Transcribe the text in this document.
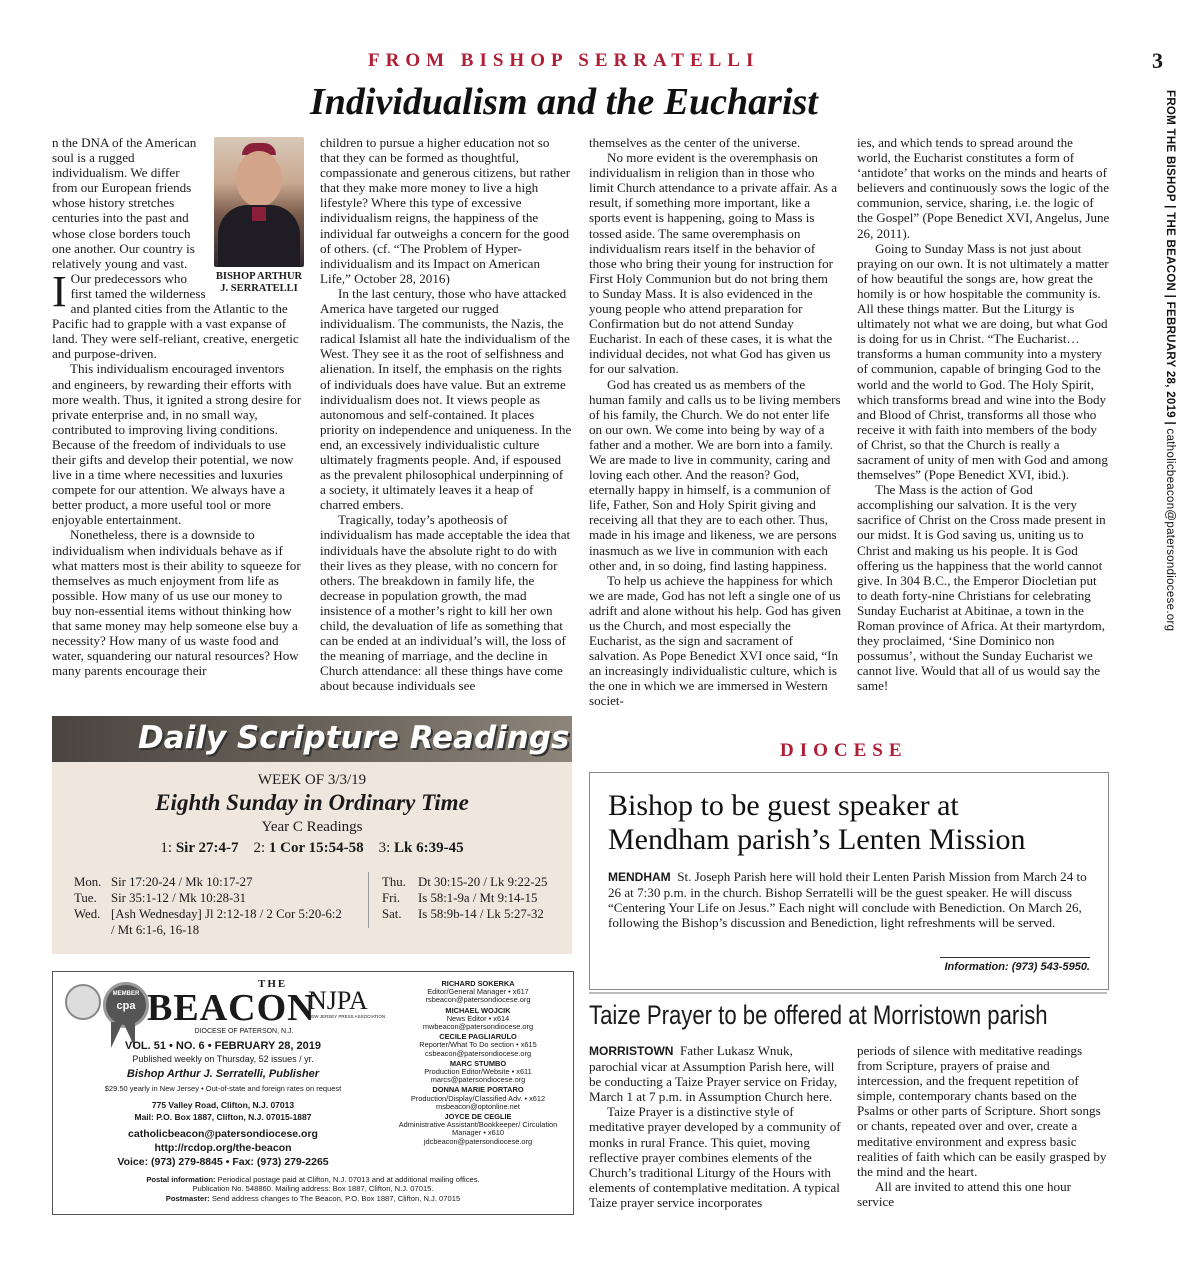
3
FROM THE BISHOP | THE BEACON | FEBRUARY 28, 2019 | catholicbeacon@patersondiocese.org
FROM BISHOP SERRATELLI
Individualism and the Eucharist
BISHOP ARTHUR
J. SERRATELLI

I
n the DNA of the American soul is a rugged individualism. We differ from our European friends whose history stretches centuries into the past and whose close borders touch one another. Our country is relatively young and vast. Our predecessors who first tamed the wilderness and planted cities from the Atlantic to the Pacific had to grapple with a vast expanse of land. They were self-reliant, creative, energetic and purpose-driven.

This individualism encouraged inventors and engineers, by rewarding their efforts with more wealth. Thus, it ignited a strong desire for private enterprise and, in no small way, contributed to improving living conditions. Because of the freedom of individuals to use their gifts and develop their potential, we now live in a time where necessities and luxuries compete for our attention. We always have a better product, a more useful tool or more enjoyable entertainment.

Nonetheless, there is a downside to individualism when individuals behave as if what matters most is their ability to squeeze for themselves as much enjoyment from life as possible. How many of us use our money to buy non-essential items without thinking how that same money may help someone else buy a necessity? How many of us waste food and water, squandering our natural resources? How many parents encourage their

children to pursue a higher education not so that they can be formed as thoughtful, compassionate and generous citizens, but rather that they make more money to live a high lifestyle? Where this type of excessive individualism reigns, the happiness of the individual far outweighs a concern for the good of others. (cf. “The Problem of Hyper-individualism and its Impact on American Life,” October 28, 2016)

In the last century, those who have attacked America have targeted our rugged individualism. The communists, the Nazis, the radical Islamist all hate the individualism of the West. They see it as the root of selfishness and alienation. In itself, the emphasis on the rights of individuals does have value. But an extreme individualism does not. It views people as autonomous and self-contained. It places priority on independence and uniqueness. In the end, an excessively individualistic culture ultimately fragments people. And, if espoused as the prevalent philosophical underpinning of a society, it ultimately leaves it a heap of charred embers.

Tragically, today’s apotheosis of individualism has made acceptable the idea that individuals have the absolute right to do with their lives as they please, with no concern for others. The breakdown in family life, the decrease in population growth, the mad insistence of a mother’s right to kill her own child, the devaluation of life as something that can be ended at an individual’s will, the loss of the meaning of marriage, and the decline in Church attendance: all these things have come about because individuals see

themselves as the center of the universe.

No more evident is the overemphasis on individualism in religion than in those who limit Church attendance to a private affair. As a result, if something more important, like a sports event is happening, going to Mass is tossed aside. The same overemphasis on individualism rears itself in the behavior of those who bring their young for instruction for First Holy Communion but do not bring them to Sunday Mass. It is also evidenced in the young people who attend preparation for Confirmation but do not attend Sunday Eucharist. In each of these cases, it is what the individual decides, not what God has given us for our salvation.

God has created us as members of the human family and calls us to be living members of his family, the Church. We do not enter life on our own. We come into being by way of a father and a mother. We are born into a family. We are made to live in community, caring and loving each other. And the reason? God, eternally happy in himself, is a communion of life, Father, Son and Holy Spirit giving and receiving all that they are to each other. Thus, made in his image and likeness, we are persons inasmuch as we live in communion with each other and, in so doing, find lasting happiness.

To help us achieve the happiness for which we are made, God has not left a single one of us adrift and alone without his help. God has given us the Church, and most especially the Eucharist, as the sign and sacrament of salvation. As Pope Benedict XVI once said, “In an increasingly individualistic culture, which is the one in which we are immersed in Western societ-

ies, and which tends to spread around the world, the Eucharist constitutes a form of ‘antidote’ that works on the minds and hearts of believers and continuously sows the logic of the communion, service, sharing, i.e. the logic of the Gospel” (Pope Benedict XVI, Angelus, June 26, 2011).

Going to Sunday Mass is not just about praying on our own. It is not ultimately a matter of how beautiful the songs are, how great the homily is or how hospitable the community is. All these things matter. But the Liturgy is ultimately not what we are doing, but what God is doing for us in Christ. “The Eucharist…transforms a human community into a mystery of communion, capable of bringing God to the world and the world to God. The Holy Spirit, which transforms bread and wine into the Body and Blood of Christ, transforms all those who receive it with faith into members of the body of Christ, so that the Church is really a sacrament of unity of men with God and among themselves” (Pope Benedict XVI, ibid.).

The Mass is the action of God accomplishing our salvation. It is the very sacrifice of Christ on the Cross made present in our midst. It is God saving us, uniting us to Christ and making us his people. It is God offering us the happiness that the world cannot give. In 304 B.C., the Emperor Diocletian put to death forty-nine Christians for celebrating Sunday Eucharist at Abitinae, a town in the Roman province of Africa. At their martyrdom, they proclaimed, ‘Sine Dominico non possumus’, without the Sunday Eucharist we cannot live. Would that all of us would say the same!

Daily Scripture Readings
WEEK OF 3/3/19
Eighth Sunday in Ordinary Time
Year C Readings
1: Sir 27:4-7 2: 1 Cor 15:54-58 3: Lk 6:39-45
Mon. Sir 17:20-24 / Mk 10:17-27
Tue. Sir 35:1-12 / Mk 10:28-31
Wed. [Ash Wednesday] Jl 2:12-18 / 2 Cor 5:20-6:2
/ Mt 6:1-6, 16-18
Thu. Dt 30:15-20 / Lk 9:22-25
Fri. Is 58:1-9a / Mt 9:14-15
Sat. Is 58:9b-14 / Lk 5:27-32
MEMBER
cpa
THE
BEACON
NJPA
NEW JERSEY PRESS ASSOCIATION
DIOCESE OF PATERSON, N.J.
VOL. 51 • NO. 6 • FEBRUARY 28, 2019
Published weekly on Thursday, 52 issues / yr.
Bishop Arthur J. Serratelli, Publisher
$29.50 yearly in New Jersey • Out-of-state and foreign rates on request
775 Valley Road, Clifton, N.J. 07013
Mail: P.O. Box 1887, Clifton, N.J. 07015-1887
catholicbeacon@patersondiocese.org
http://rcdop.org/the-beacon
Voice: (973) 279-8845 • Fax: (973) 279-2265
RICHARD SOKERKA
Editor/General Manager • x617
rsbeacon@patersondiocese.org
MICHAEL WOJCIK
News Editor • x614
mwbeacon@patersondiocese.org
CECILE PAGLIARULO
Reporter/What To Do section • x615
csbeacon@patersondiocese.org
MARC STUMBO
Production Editor/Website • x611
marcs@patersondiocese.org
DONNA MARIE PORTARO
Production/Display/Classified Adv. • x612
msbeacon@optonline.net
JOYCE DE CEGLIE
Administrative Assistant/Bookkeeper/ Circulation Manager • x610
jdcbeacon@patersondiocese.org
Postal information: Periodical postage paid at Clifton, N.J. 07013 and at additional mailing offices.
Publication No. 548860. Mailing address: Box 1887, Clifton, N.J. 07015.
Postmaster: Send address changes to The Beacon, P.O. Box 1887, Clifton, N.J. 07015
DIOCESE
Bishop to be guest speaker at
Mendham parish’s Lenten Mission
MENDHAM St. Joseph Parish here will hold their Lenten Parish Mission from March 24 to 26 at 7:30 p.m. in the church. Bishop Serratelli will be the guest speaker. He will discuss “Centering Your Life on Jesus.” Each night will conclude with Benediction. On March 26, following the Bishop’s discussion and Benediction, light refreshments will be served.
Information: (973) 543-5950.
Taize Prayer to be offered at Morristown parish

MORRISTOWN Father Lukasz Wnuk, parochial vicar at Assumption Parish here, will be conducting a Taize Prayer service on Friday, March 1 at 7 p.m. in Assumption Church here.

Taize Prayer is a distinctive style of meditative prayer developed by a community of monks in rural France. This quiet, moving reflective prayer combines elements of the Church’s traditional Liturgy of the Hours with elements of contemplative meditation. A typical Taize prayer service incorporates

periods of silence with meditative readings from Scripture, prayers of praise and intercession, and the frequent repetition of simple, contemporary chants based on the Psalms or other parts of Scripture. Short songs or chants, repeated over and over, create a meditative environment and express basic realities of faith which can be easily grasped by the mind and the heart.

All are invited to attend this one hour service
